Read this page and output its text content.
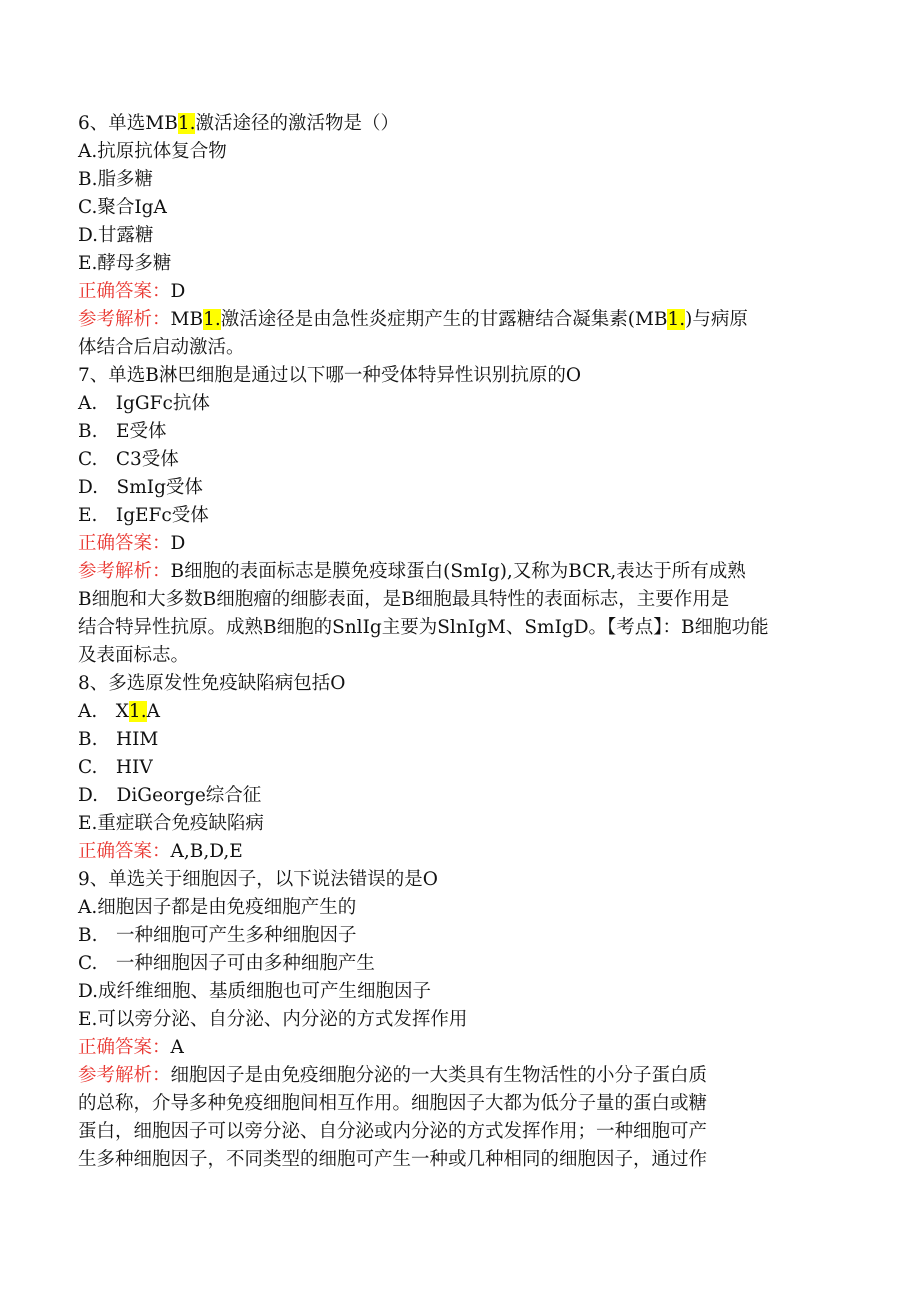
6、单选MB1.激活途径的激活物是（）
A.抗原抗体复合物
B.脂多糖
C.聚合IgA
D.甘露糖
E.酵母多糖
正确答案：D
参考解析：MB1.激活途径是由急性炎症期产生的甘露糖结合凝集素(MB1.)与病原
体结合后启动激活。
7、单选B淋巴细胞是通过以下哪一种受体特异性识别抗原的O
A.　IgGFc抗体
B.　E受体
C.　C3受体
D.　SmIg受体
E.　IgEFc受体
正确答案：D
参考解析：B细胞的表面标志是膜免疫球蛋白(SmIg),又称为BCR,表达于所有成熟
B细胞和大多数B细胞瘤的细膨表面，是B细胞最具特性的表面标志，主要作用是
结合特异性抗原。成熟B细胞的SnlIg主要为SlnIgM、SmIgD。【考点】：B细胞功能
及表面标志。
8、多选原发性免疫缺陷病包括O
A.　X1.A
B.　HIM
C.　HIV
D.　DiGeorge综合征
E.重症联合免疫缺陷病
正确答案：A,B,D,E
9、单选关于细胞因子，以下说法错误的是O
A.细胞因子都是由免疫细胞产生的
B.　一种细胞可产生多种细胞因子
C.　一种细胞因子可由多种细胞产生
D.成纤维细胞、基质细胞也可产生细胞因子
E.可以旁分泌、自分泌、内分泌的方式发挥作用
正确答案：A
参考解析：细胞因子是由免疫细胞分泌的一大类具有生物活性的小分子蛋白质
的总称，介导多种免疫细胞间相互作用。细胞因子大都为低分子量的蛋白或糖
蛋白，细胞因子可以旁分泌、自分泌或内分泌的方式发挥作用；一种细胞可产
生多种细胞因子，不同类型的细胞可产生一种或几种相同的细胞因子，通过作
